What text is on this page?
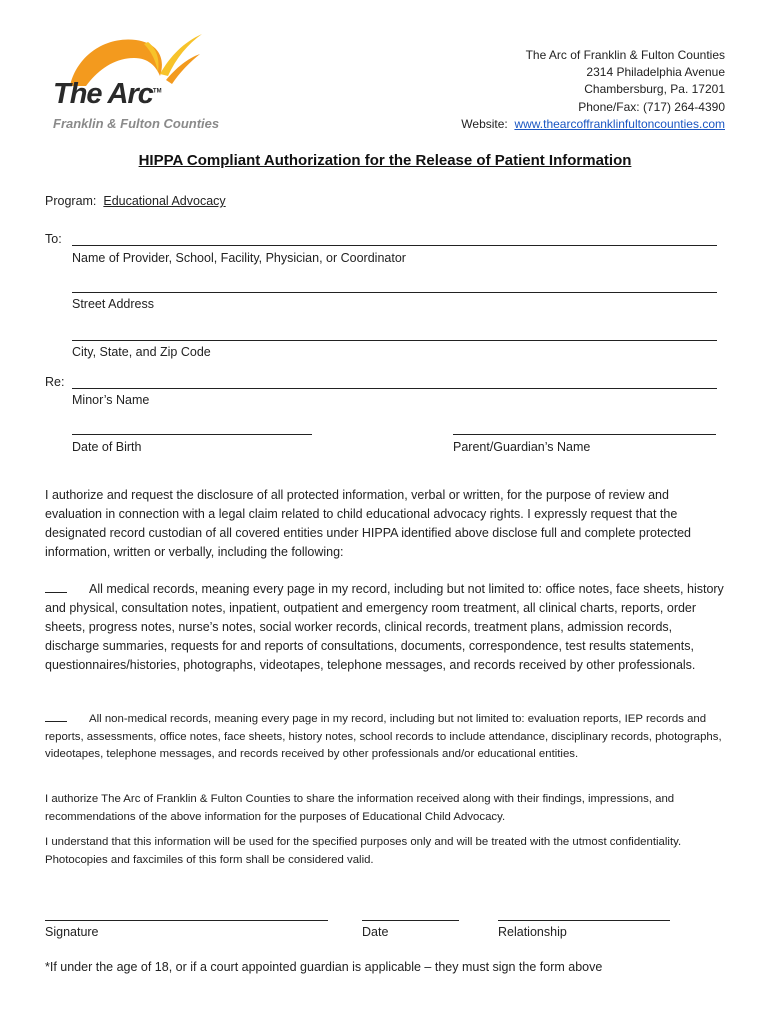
The Arc™
Franklin & Fulton Counties
The Arc of Franklin & Fulton Counties
2314 Philadelphia Avenue
Chambersburg, Pa. 17201
Phone/Fax: (717) 264-4390
Website: www.thearcoffranklinfultoncounties.com
HIPPA Compliant Authorization for the Release of Patient Information
Program: Educational Advocacy
To:
Name of Provider, School, Facility, Physician, or Coordinator
Street Address
City, State, and Zip Code
Re:
Minor’s Name
Date of Birth	Parent/Guardian’s Name
I authorize and request the disclosure of all protected information, verbal or written, for the purpose of review and evaluation in connection with a legal claim related to child educational advocacy rights. I expressly request that the designated record custodian of all covered entities under HIPPA identified above disclose full and complete protected information, written or verbally, including the following:
All medical records, meaning every page in my record, including but not limited to: office notes, face sheets, history and physical, consultation notes, inpatient, outpatient and emergency room treatment, all clinical charts, reports, order sheets, progress notes, nurse’s notes, social worker records, clinical records, treatment plans, admission records, discharge summaries, requests for and reports of consultations, documents, correspondence, test results statements, questionnaires/histories, photographs, videotapes, telephone messages, and records received by other professionals.
All non-medical records, meaning every page in my record, including but not limited to: evaluation reports, IEP records and reports, assessments, office notes, face sheets, history notes, school records to include attendance, disciplinary records, photographs, videotapes, telephone messages, and records received by other professionals and/or educational entities.
I authorize The Arc of Franklin & Fulton Counties to share the information received along with their findings, impressions, and recommendations of the above information for the purposes of Educational Child Advocacy.
I understand that this information will be used for the specified purposes only and will be treated with the utmost confidentiality. Photocopies and faxcimiles of this form shall be considered valid.
Signature	Date	Relationship
*If under the age of 18, or if a court appointed guardian is applicable – they must sign the form above
